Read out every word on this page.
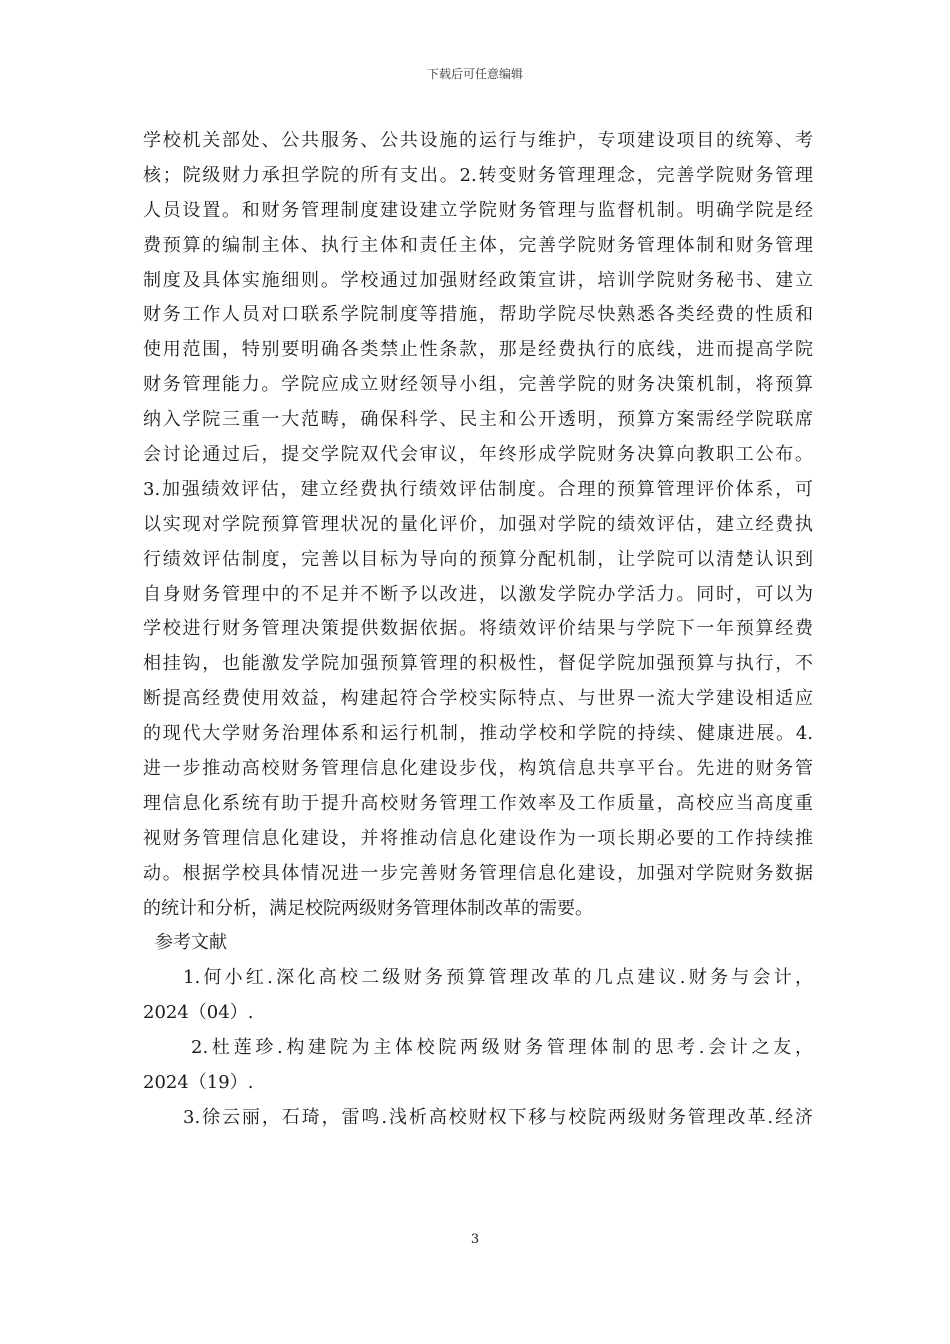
下载后可任意编辑
学校机关部处、公共服务、公共设施的运行与维护，专项建设项目的统筹、考
核；院级财力承担学院的所有支出。2.转变财务管理理念，完善学院财务管理
人员设置。和财务管理制度建设建立学院财务管理与监督机制。明确学院是经
费预算的编制主体、执行主体和责任主体，完善学院财务管理体制和财务管理
制度及具体实施细则。学校通过加强财经政策宣讲，培训学院财务秘书、建立
财务工作人员对口联系学院制度等措施，帮助学院尽快熟悉各类经费的性质和
使用范围，特别要明确各类禁止性条款，那是经费执行的底线，进而提高学院
财务管理能力。学院应成立财经领导小组，完善学院的财务决策机制，将预算
纳入学院三重一大范畴，确保科学、民主和公开透明，预算方案需经学院联席
会讨论通过后，提交学院双代会审议，年终形成学院财务决算向教职工公布。
3.加强绩效评估，建立经费执行绩效评估制度。合理的预算管理评价体系，可
以实现对学院预算管理状况的量化评价，加强对学院的绩效评估，建立经费执
行绩效评估制度，完善以目标为导向的预算分配机制，让学院可以清楚认识到
自身财务管理中的不足并不断予以改进，以激发学院办学活力。同时，可以为
学校进行财务管理决策提供数据依据。将绩效评价结果与学院下一年预算经费
相挂钩，也能激发学院加强预算管理的积极性，督促学院加强预算与执行，不
断提高经费使用效益，构建起符合学校实际特点、与世界一流大学建设相适应
的现代大学财务治理体系和运行机制，推动学校和学院的持续、健康进展。4.
进一步推动高校财务管理信息化建设步伐，构筑信息共享平台。先进的财务管
理信息化系统有助于提升高校财务管理工作效率及工作质量，高校应当高度重
视财务管理信息化建设，并将推动信息化建设作为一项长期必要的工作持续推
动。根据学校具体情况进一步完善财务管理信息化建设，加强对学院财务数据
的统计和分析，满足校院两级财务管理体制改革的需要。
参考文献
1.何小红.深化高校二级财务预算管理改革的几点建议.财务与会计，
2024（04）.
2.杜莲珍.构建院为主体校院两级财务管理体制的思考.会计之友，
2024（19）.
3.徐云丽，石琦，雷鸣.浅析高校财权下移与校院两级财务管理改革.经济
3
